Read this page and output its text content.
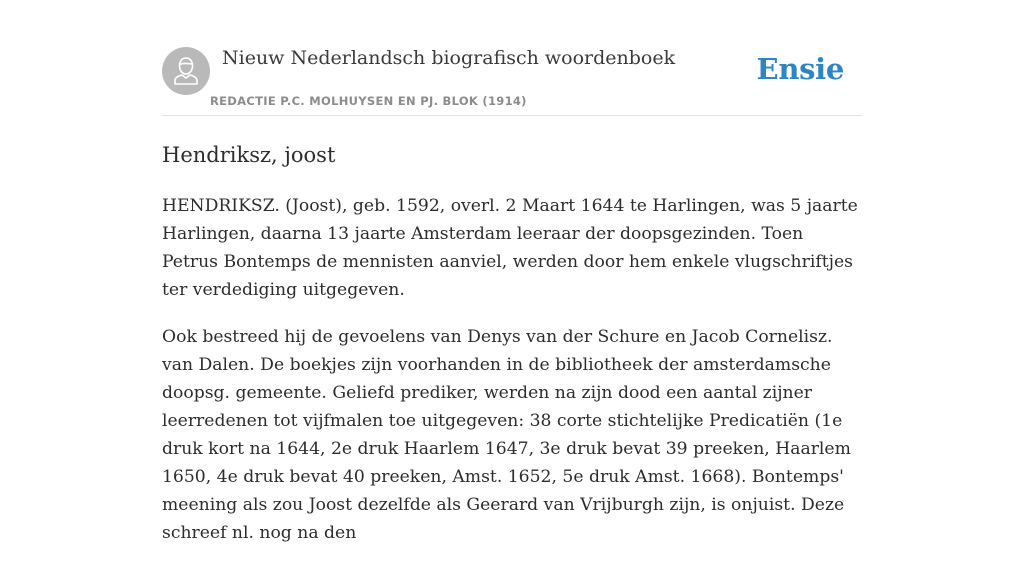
Nieuw Nederlandsch biografisch woordenboek
REDACTIE P.C. MOLHUYSEN EN PJ. BLOK (1914)
Ensie
Hendriksz, joost

HENDRIKSZ. (Joost), geb. 1592, overl. 2 Maart 1644 te Harlingen, was 5 jaarte Harlingen, daarna 13 jaarte Amsterdam leeraar der doopsgezinden. Toen Petrus Bontemps de mennisten aanviel, werden door hem enkele vlugschriftjes ter verdediging uitgegeven.

Ook bestreed hij de gevoelens van Denys van der Schure en Jacob Cornelisz. van Dalen. De boekjes zijn voorhanden in de bibliotheek der amsterdamsche doopsg. gemeente. Geliefd prediker, werden na zijn dood een aantal zijner leerredenen tot vijfmalen toe uitgegeven: 38 corte stichtelijke Predicatiën (1e druk kort na 1644, 2e druk Haarlem 1647, 3e druk bevat 39 preeken, Haarlem 1650, 4e druk bevat 40 preeken, Amst. 1652, 5e druk Amst. 1668). Bontemps' meening als zou Joost dezelfde als Geerard van Vrijburgh zijn, is onjuist. Deze schreef nl. nog na den
